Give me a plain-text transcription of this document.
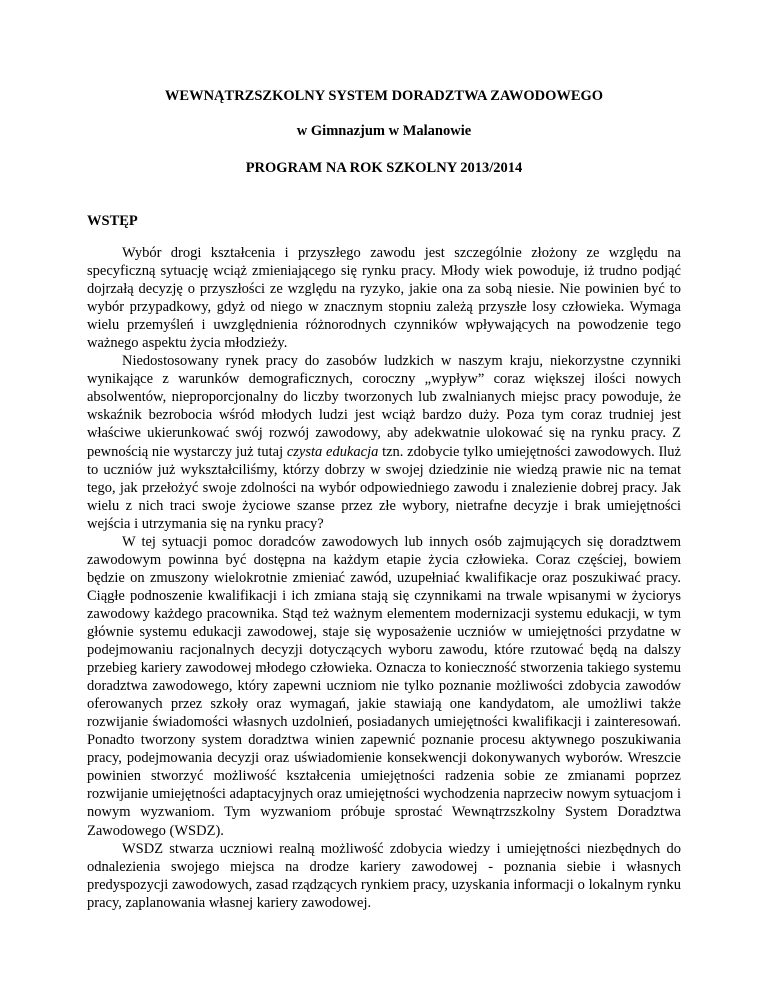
WEWNĄTRZSZKOLNY SYSTEM DORADZTWA ZAWODOWEGO
w Gimnazjum w Malanowie
PROGRAM NA ROK SZKOLNY 2013/2014
WSTĘP

Wybór drogi kształcenia i przyszłego zawodu jest szczególnie złożony ze względu na specyficzną sytuację wciąż zmieniającego się rynku pracy. Młody wiek powoduje, iż trudno podjąć dojrzałą decyzję o przyszłości ze względu na ryzyko, jakie ona za sobą niesie. Nie powinien być to wybór przypadkowy, gdyż od niego w znacznym stopniu zależą przyszłe losy człowieka. Wymaga wielu przemyśleń i uwzględnienia różnorodnych czynników wpływających na powodzenie tego ważnego aspektu życia młodzieży.

Niedostosowany rynek pracy do zasobów ludzkich w naszym kraju, niekorzystne czynniki wynikające z warunków demograficznych, coroczny „wypływ” coraz większej ilości nowych absolwentów, nieproporcjonalny do liczby tworzonych lub zwalnianych miejsc pracy powoduje, że wskaźnik bezrobocia wśród młodych ludzi jest wciąż bardzo duży. Poza tym coraz trudniej jest właściwe ukierunkować swój rozwój zawodowy, aby adekwatnie ulokować się na rynku pracy. Z pewnością nie wystarczy już tutaj czysta edukacja tzn. zdobycie tylko umiejętności zawodowych. Iluż to uczniów już wykształciliśmy, którzy dobrzy w swojej dziedzinie nie wiedzą prawie nic na temat tego, jak przełożyć swoje zdolności na wybór odpowiedniego zawodu i znalezienie dobrej pracy. Jak wielu z nich traci swoje życiowe szanse przez złe wybory, nietrafne decyzje i brak umiejętności wejścia i utrzymania się na rynku pracy?

W tej sytuacji pomoc doradców zawodowych lub innych osób zajmujących się doradztwem zawodowym powinna być dostępna na każdym etapie życia człowieka. Coraz częściej, bowiem będzie on zmuszony wielokrotnie zmieniać zawód, uzupełniać kwalifikacje oraz poszukiwać pracy. Ciągłe podnoszenie kwalifikacji i ich zmiana stają się czynnikami na trwale wpisanymi w życiorys zawodowy każdego pracownika. Stąd też ważnym elementem modernizacji systemu edukacji, w tym głównie systemu edukacji zawodowej, staje się wyposażenie uczniów w umiejętności przydatne w podejmowaniu racjonalnych decyzji dotyczących wyboru zawodu, które rzutować będą na dalszy przebieg kariery zawodowej młodego człowieka. Oznacza to konieczność stworzenia takiego systemu doradztwa zawodowego, który zapewni uczniom nie tylko poznanie możliwości zdobycia zawodów oferowanych przez szkoły oraz wymagań, jakie stawiają one kandydatom, ale umożliwi także rozwijanie świadomości własnych uzdolnień, posiadanych umiejętności kwalifikacji i zainteresowań. Ponadto tworzony system doradztwa winien zapewnić poznanie procesu aktywnego poszukiwania pracy, podejmowania decyzji oraz uświadomienie konsekwencji dokonywanych wyborów. Wreszcie powinien stworzyć możliwość kształcenia umiejętności radzenia sobie ze zmianami poprzez rozwijanie umiejętności adaptacyjnych oraz umiejętności wychodzenia naprzeciw nowym sytuacjom i nowym wyzwaniom. Tym wyzwaniom próbuje sprostać Wewnątrzszkolny System Doradztwa Zawodowego (WSDZ).

WSDZ stwarza uczniowi realną możliwość zdobycia wiedzy i umiejętności niezbędnych do odnalezienia swojego miejsca na drodze kariery zawodowej - poznania siebie i własnych predyspozycji zawodowych, zasad rządzących rynkiem pracy, uzyskania informacji o lokalnym rynku pracy, zaplanowania własnej kariery zawodowej.
